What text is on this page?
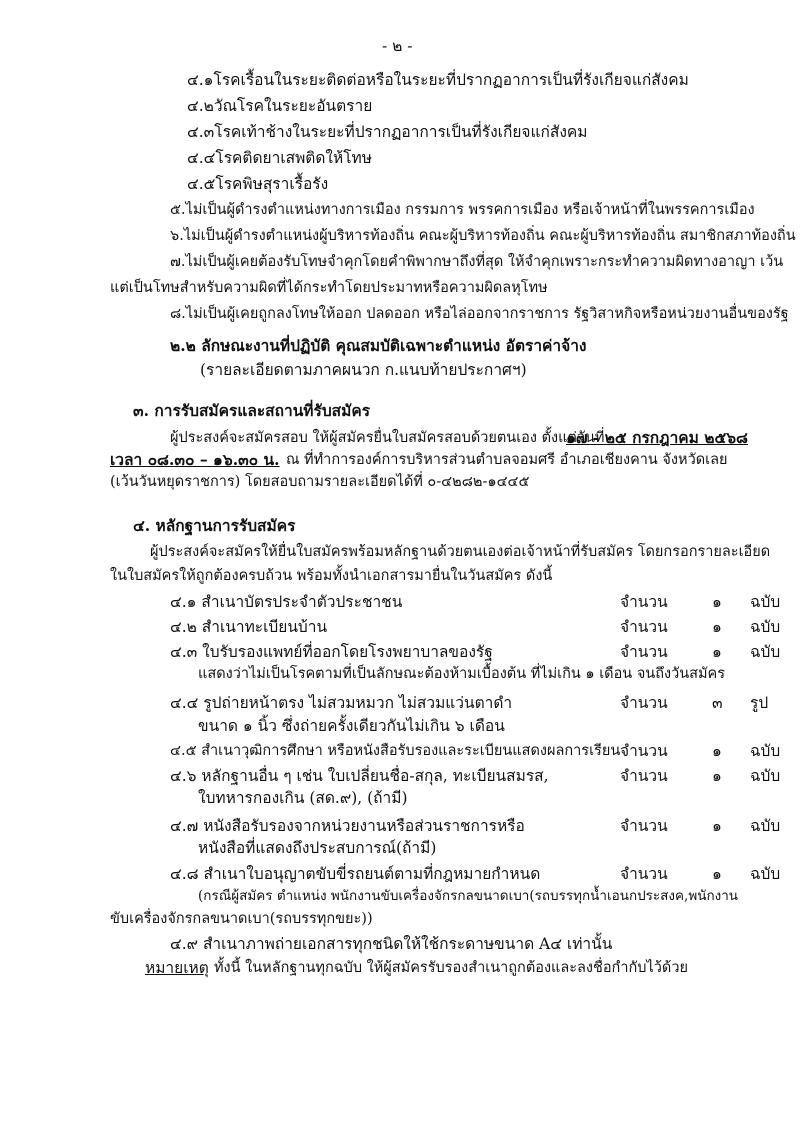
- ๒ -
๔.๑โรคเรื้อนในระยะติดต่อหรือในระยะที่ปรากฏอาการเป็นที่รังเกียจแก่สังคม
๔.๒วัณโรคในระยะอันตราย
๔.๓โรคเท้าช้างในระยะที่ปรากฏอาการเป็นที่รังเกียจแก่สังคม
๔.๔โรคติดยาเสพติดให้โทษ
๔.๕โรคพิษสุราเรื้อรัง
๕.ไม่เป็นผู้ดำรงตำแหน่งทางการเมือง กรรมการ พรรคการเมือง หรือเจ้าหน้าที่ในพรรคการเมือง
๖.ไม่เป็นผู้ดำรงตำแหน่งผู้บริหารท้องถิ่น คณะผู้บริหารท้องถิ่น คณะผู้บริหารท้องถิ่น สมาชิกสภาท้องถิ่น
๗.ไม่เป็นผู้เคยต้องรับโทษจำคุกโดยคำพิพากษาถึงที่สุด ให้จำคุกเพราะกระทำความผิดทางอาญา เว้น
แต่เป็นโทษสำหรับความผิดที่ได้กระทำโดยประมาทหรือความผิดลหุโทษ
๘.ไม่เป็นผู้เคยถูกลงโทษให้ออก ปลดออก หรือไล่ออกจากราชการ รัฐวิสาหกิจหรือหน่วยงานอื่นของรัฐ
๒.๒ ลักษณะงานที่ปฏิบัติ คุณสมบัติเฉพาะตำแหน่ง อัตราค่าจ้าง
(รายละเอียดตามภาคผนวก ก.แนบท้ายประกาศฯ)
๓. การรับสมัครและสถานที่รับสมัคร
ผู้ประสงค์จะสมัครสอบ ให้ผู้สมัครยื่นใบสมัครสอบด้วยตนเอง ตั้งแต่วันที่
๑๗ - ๒๕ กรกฎาคม ๒๕๖๘
เวลา ๐๘.๓๐ – ๑๖.๓๐ น. ณ ที่ทำการองค์การบริหารส่วนตำบลจอมศรี อำเภอเชียงคาน จังหวัดเลย
(เว้นวันหยุดราชการ) โดยสอบถามรายละเอียดได้ที่ ๐-๔๒๘๒-๑๔๔๕
๔. หลักฐานการรับสมัคร
ผู้ประสงค์จะสมัครให้ยื่นใบสมัครพร้อมหลักฐานด้วยตนเองต่อเจ้าหน้าที่รับสมัคร โดยกรอกรายละเอียด
ในใบสมัครให้ถูกต้องครบถ้วน พร้อมทั้งนำเอกสารมายื่นในวันสมัคร ดังนี้
๔.๑ สำเนาบัตรประจำตัวประชาชน	จำนวน	๑ ฉบับ
๔.๒ สำเนาทะเบียนบ้าน	จำนวน	๑ ฉบับ
๔.๓ ใบรับรองแพทย์ที่ออกโดยโรงพยาบาลของรัฐ	จำนวน	๑ ฉบับ
แสดงว่าไม่เป็นโรคตามที่เป็นลักษณะต้องห้ามเบื้องต้น ที่ไม่เกิน ๑ เดือน จนถึงวันสมัคร
๔.๔ รูปถ่ายหน้าตรง ไม่สวมหมวก ไม่สวมแว่นตาดำ	จำนวน	๓ รูป
ขนาด ๑ นิ้ว ซึ่งถ่ายครั้งเดียวกันไม่เกิน ๖ เดือน
๔.๕ สำเนาวุฒิการศึกษา หรือหนังสือรับรองและระเบียนแสดงผลการเรียน จำนวน	๑ ฉบับ
๔.๖ หลักฐานอื่น ๆ เช่น ใบเปลี่ยนชื่อ-สกุล, ทะเบียนสมรส,	จำนวน	๑ ฉบับ
ใบทหารกองเกิน (สด.๙), (ถ้ามี)
๔.๗ หนังสือรับรองจากหน่วยงานหรือส่วนราชการหรือ	จำนวน	๑ ฉบับ
หนังสือที่แสดงถึงประสบการณ์(ถ้ามี)
๔.๘ สำเนาใบอนุญาตขับขี่รถยนต์ตามที่กฎหมายกำหนด	จำนวน	๑ ฉบับ
(กรณีผู้สมัคร ตำแหน่ง พนักงานขับเครื่องจักรกลขนาดเบา(รถบรรทุกน้ำเอนกประสงค,พนักงาน
ขับเครื่องจักรกลขนาดเบา(รถบรรทุกขยะ))
๔.๙ สำเนาภาพถ่ายเอกสารทุกชนิดให้ใช้กระดาษขนาด A๔ เท่านั้น
หมายเหตุ ทั้งนี้ ในหลักฐานทุกฉบับ ให้ผู้สมัครรับรองสำเนาถูกต้องและลงชื่อกำกับไว้ด้วย
